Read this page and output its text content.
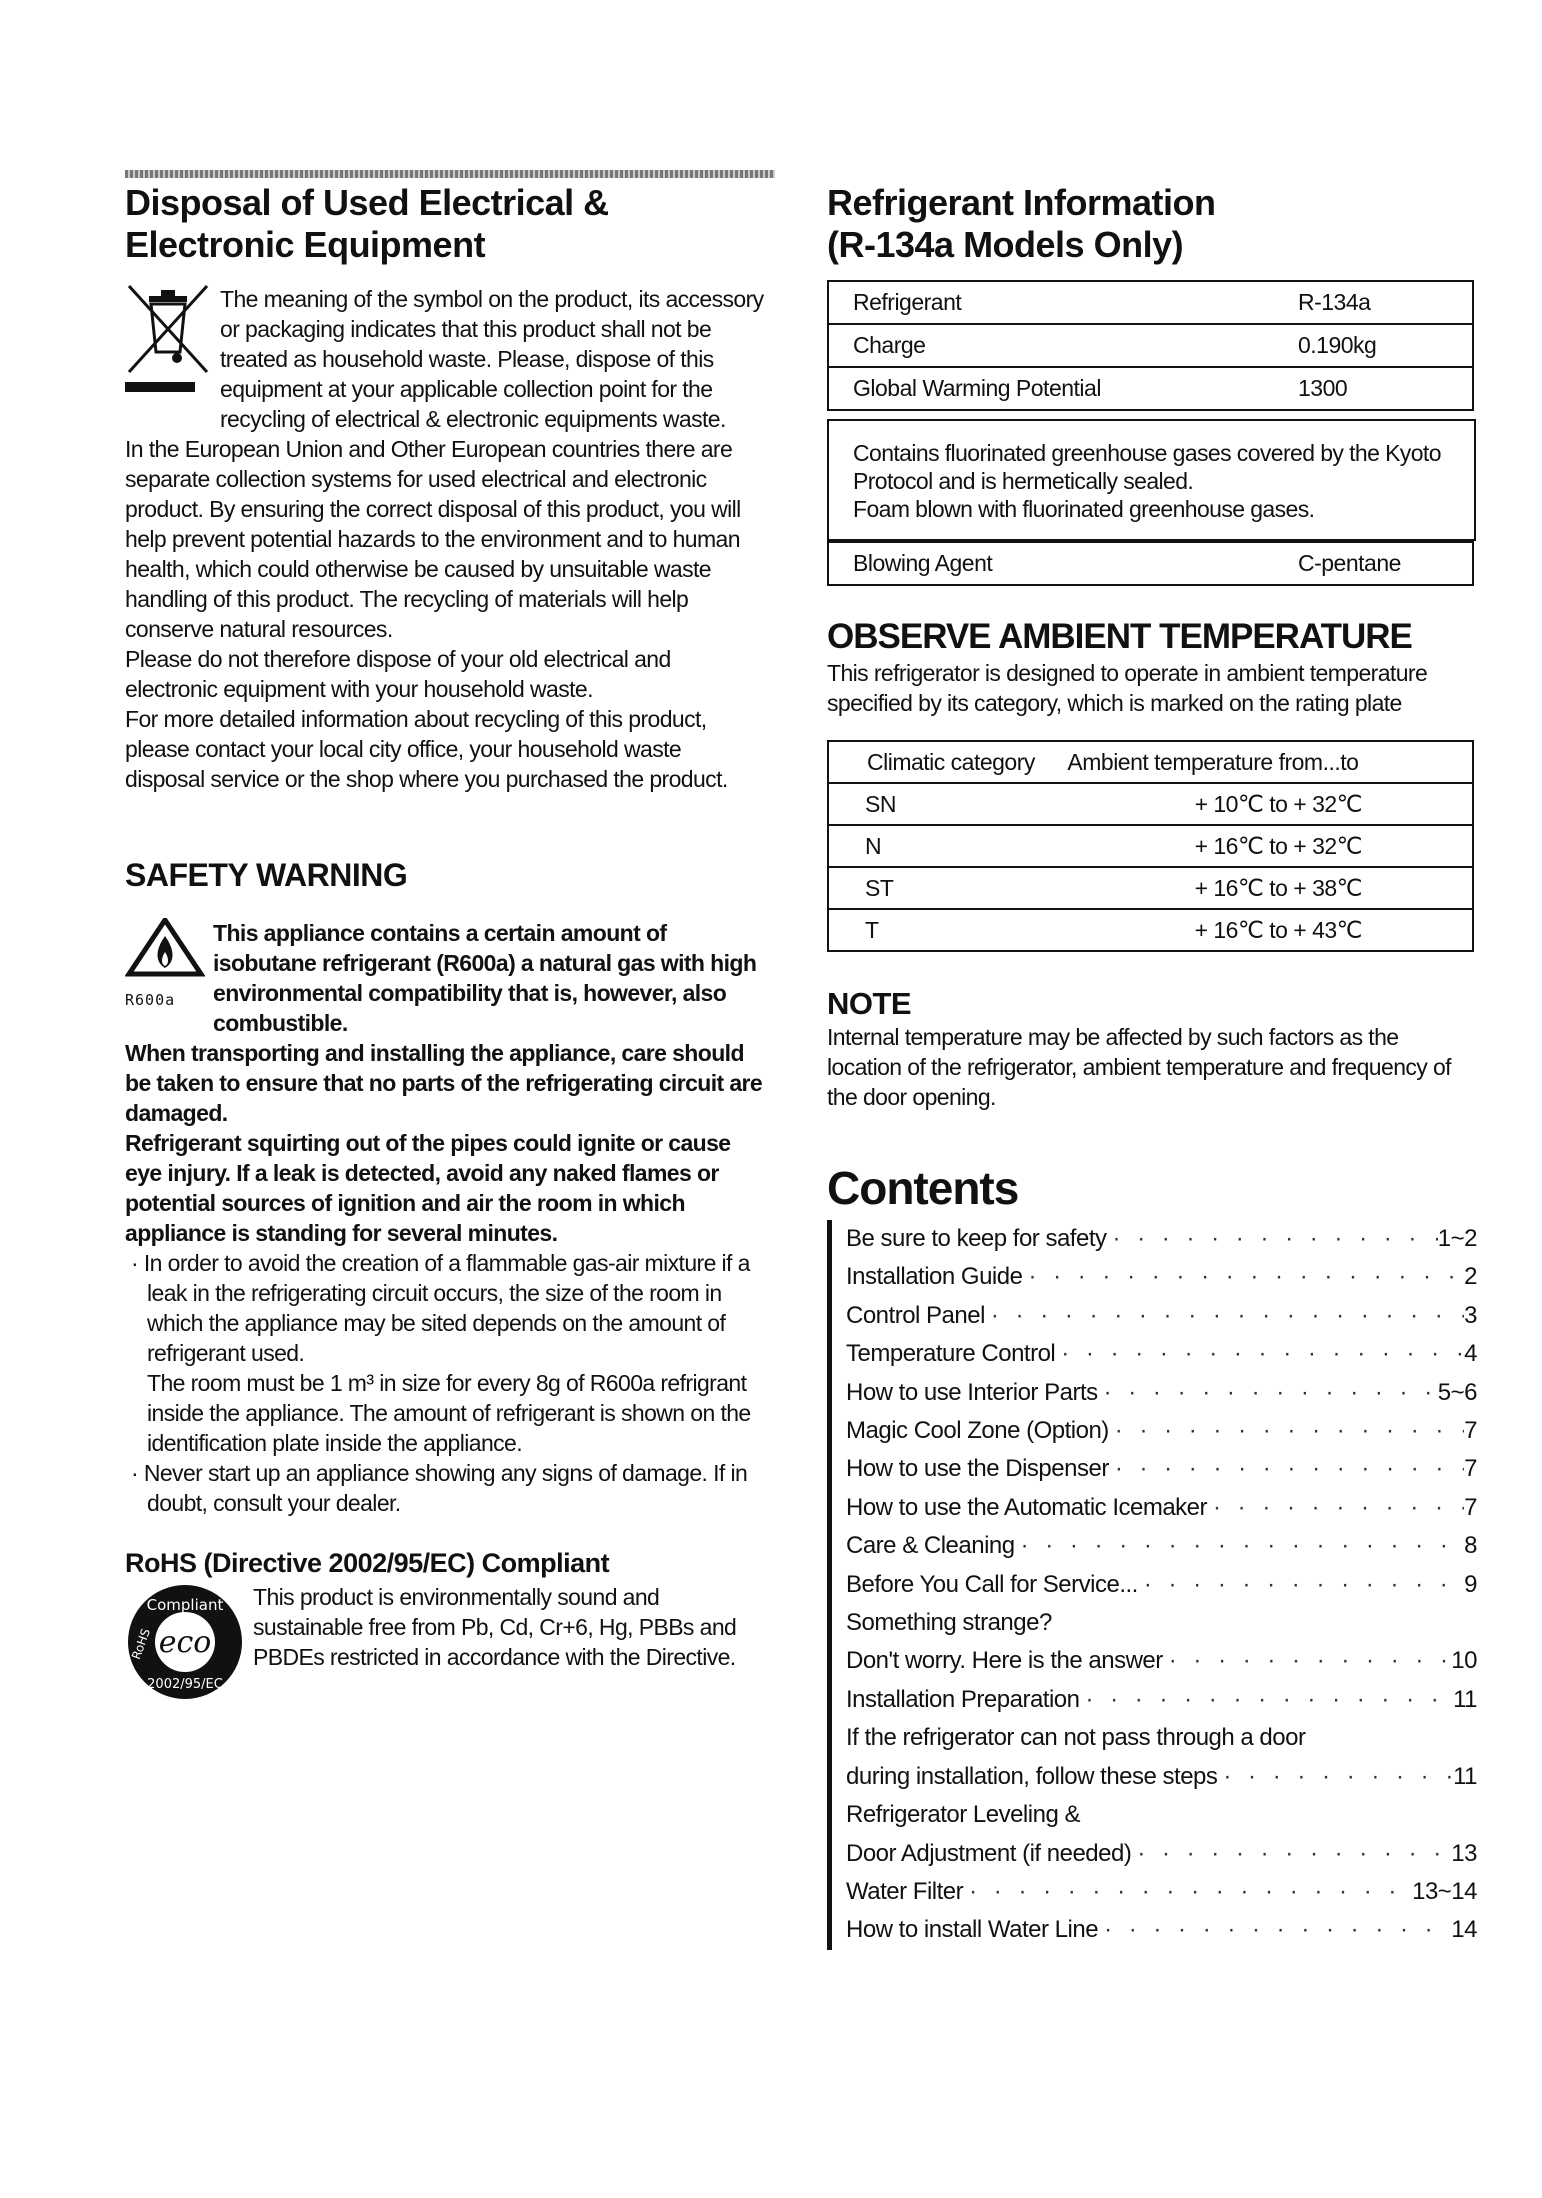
Disposal of Used Electrical &
Electronic Equipment

The meaning of the symbol on the product, its accessory or packaging indicates that this product shall not be treated as household waste. Please, dispose of this equipment at your applicable collection point for the recycling of electrical & electronic equipments waste.

In the European Union and Other European countries there are separate collection systems for used electrical and electronic product. By ensuring the correct disposal of this product, you will help prevent potential hazards to the environment and to human health, which could otherwise be caused by unsuitable waste handling of this product. The recycling of materials will help conserve natural resources.

Please do not therefore dispose of your old electrical and electronic equipment with your household waste.

For more detailed information about recycling of this product, please contact your local city office, your household waste disposal service or the shop where you purchased the product.

SAFETY WARNING
R600a

This appliance contains a certain amount of isobutane refrigerant (R600a) a natural gas with high environmental compatibility that is, however, also combustible.

When transporting and installing the appliance, care should be taken to ensure that no parts of the refrigerating circuit are damaged.

Refrigerant squirting out of the pipes could ignite or cause eye injury. If a leak is detected, avoid any naked flames or potential sources of ignition and air the room in which appliance is standing for several minutes.

· In order to avoid the creation of a flammable gas-air mixture if a leak in the refrigerating circuit occurs, the size of the room in which the appliance may be sited depends on the amount of refrigerant used.

The room must be 1 m³ in size for every 8g of R600a refrigrant inside the appliance. The amount of refrigerant is shown on the identification plate inside the appliance.

· Never start up an appliance showing any signs of damage. If in doubt, consult your dealer.

RoHS (Directive 2002/95/EC) Compliant
Compliant
RoHS
2002/95/EC
eco

This product is environmentally sound and sustainable free from Pb, Cd, Cr+6, Hg, PBBs and PBDEs restricted in accordance with the Directive.

Refrigerant Information
(R-134a Models Only)
Refrigerant	R-134a
Charge	0.190kg
Global Warming Potential	1300

Contains fluorinated greenhouse gases covered by the Kyoto Protocol and is hermetically sealed.

Foam blown with fluorinated greenhouse gases.

Blowing Agent	C-pentane
OBSERVE AMBIENT TEMPERATURE

This refrigerator is designed to operate in ambient temperature specified by its category, which is marked on the rating plate

Climatic category Ambient temperature from...to	
SN	+ 10℃ to + 32℃
N	+ 16℃ to + 32℃
ST	+ 16℃ to + 38℃
T	+ 16℃ to + 43℃
NOTE

Internal temperature may be affected by such factors as the location of the refrigerator, ambient temperature and frequency of the door opening.

Contents
Be sure to keep for safety · · ·	1~2
Installation Guide · · ·	2
Control Panel · · ·	3
Temperature Control · · ·	4
How to use Interior Parts · · ·	5~6
Magic Cool Zone (Option) · · ·	7
How to use the Dispenser · · ·	7
How to use the Automatic Icemaker · · ·	7
Care & Cleaning · · ·	8
Before You Call for Service... · · ·	9
Something strange?
Don't worry. Here is the answer · · ·	10
Installation Preparation · · ·	11
If the refrigerator can not pass through a door
during installation, follow these steps · · ·	11
Refrigerator Leveling &
Door Adjustment (if needed) · · ·	13
Water Filter · · ·	13~14
How to install Water Line · · ·	14
